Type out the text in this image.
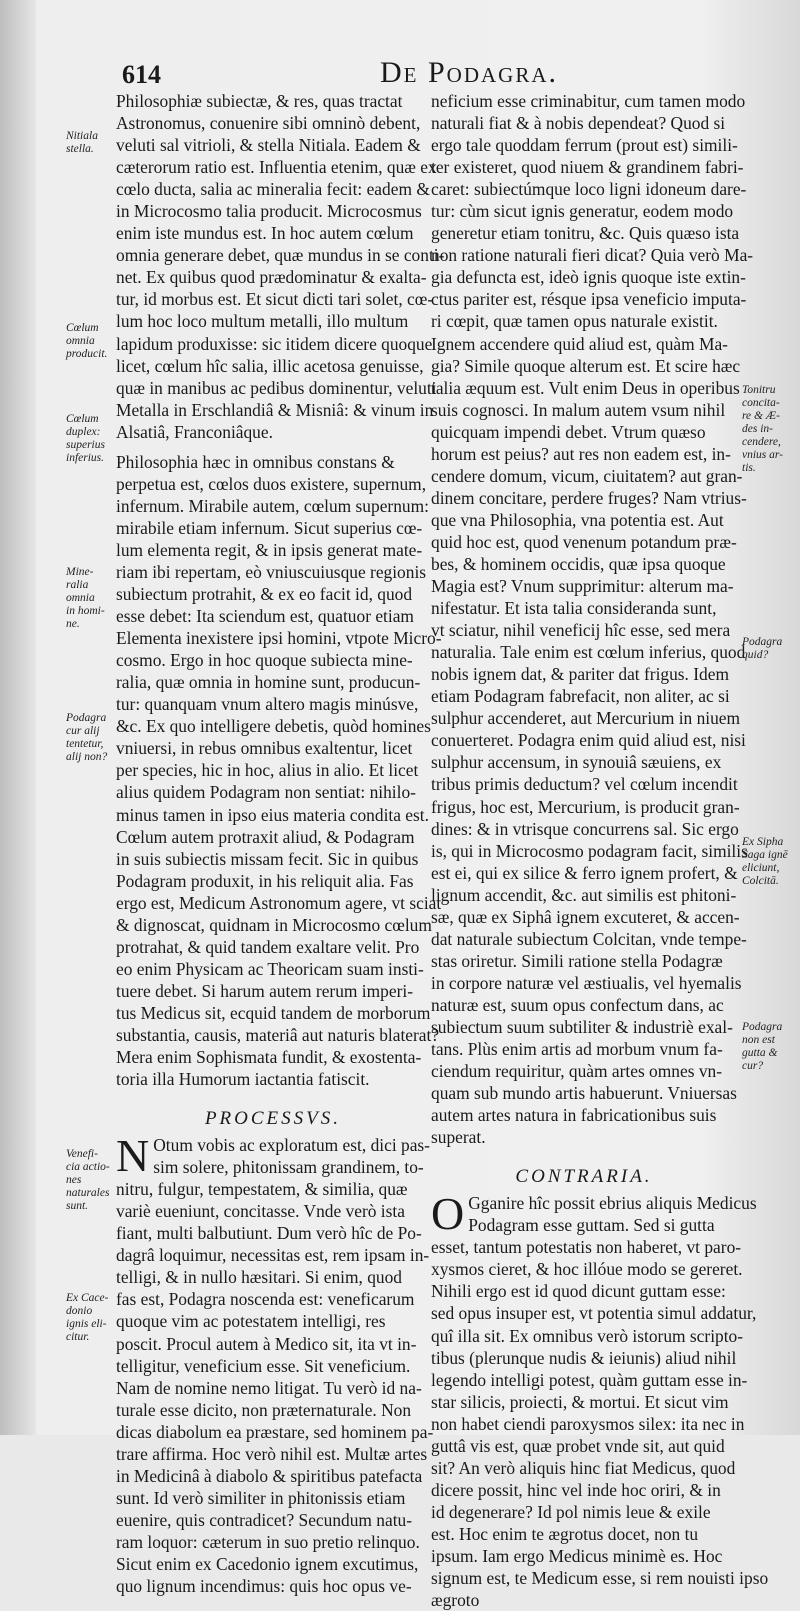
614	De Podagra.
Philosophiæ subiectæ, & res, quas tractat
Astronomus, conuenire sibi omninò debent,
veluti sal vitrioli, & stella Nitiala. Eadem &
cæterorum ratio est. Influentia etenim, quæ ex
cœlo ducta, salia ac mineralia fecit: eadem &
in Microcosmo talia producit. Microcosmus
enim iste mundus est. In hoc autem cœlum
omnia generare debet, quæ mundus in se conti-
net. Ex quibus quod prædominatur & exalta-
tur, id morbus est. Et sicut dicti tari solet, cœ-
lum hoc loco multum metalli, illo multum
lapidum produxisse: sic itidem dicere quoque
licet, cœlum hîc salia, illic acetosa genuisse,
quæ in manibus ac pedibus dominentur, veluti
Metalla in Erschlandiâ & Misniâ: & vinum in
Alsatiâ, Franconiâque.
Philosophia hæc in omnibus constans &
perpetua est, cœlos duos existere, supernum,
infernum. Mirabile autem, cœlum supernum:
mirabile etiam infernum. Sicut superius cœ-
lum elementa regit, & in ipsis generat mate-
riam ibi repertam, eò vniuscuiusque regionis
subiectum protrahit, & ex eo facit id, quod
esse debet: Ita sciendum est, quatuor etiam
Elementa inexistere ipsi homini, vtpote Micro-
cosmo. Ergo in hoc quoque subiecta mine-
ralia, quæ omnia in homine sunt, producun-
tur: quanquam vnum altero magis minúsve,
&c. Ex quo intelligere debetis, quòd homines
vniuersi, in rebus omnibus exaltentur, licet
per species, hic in hoc, alius in alio. Et licet
alius quidem Podagram non sentiat: nihilo-
minus tamen in ipso eius materia condita est.
Cœlum autem protraxit aliud, & Podagram
in suis subiectis missam fecit. Sic in quibus
Podagram produxit, in his reliquit alia. Fas
ergo est, Medicum Astronomum agere, vt sciat
& dignoscat, quidnam in Microcosmo cœlum
protrahat, & quid tandem exaltare velit. Pro
eo enim Physicam ac Theoricam suam insti-
tuere debet. Si harum autem rerum imperi-
tus Medicus sit, ecquid tandem de morborum
substantia, causis, materiâ aut naturis blaterat?
Mera enim Sophismata fundit, & exostenta-
toria illa Humorum iactantia fatiscit.
PROCESSVS.
N Otum vobis ac exploratum est, dici pas-
sim solere, phitonissam grandinem, to-
nitru, fulgur, tempestatem, & similia, quæ
variè eueniunt, concitasse. Vnde verò ista
fiant, multi balbutiunt. Dum verò hîc de Po-
dagrâ loquimur, necessitas est, rem ipsam in-
telligi, & in nullo hæsitari. Si enim, quod
fas est, Podagra noscenda est: veneficarum
quoque vim ac potestatem intelligi, res
poscit. Procul autem à Medico sit, ita vt in-
telligitur, veneficium esse. Sit veneficium.
Nam de nomine nemo litigat. Tu verò id na-
turale esse dicito, non præternaturale. Non
dicas diabolum ea præstare, sed hominem pa-
trare affirma. Hoc verò nihil est. Multæ artes
in Medicinâ à diabolo & spiritibus patefacta
sunt. Id verò similiter in phitonissis etiam
euenire, quis contradicet? Secundum natu-
ram loquor: cæterum in suo pretio relinquo.
Sicut enim ex Cacedonio ignem excutimus,
quo lignum incendimus: quis hoc opus ve-
neficium esse criminabitur, cum tamen modo
naturali fiat & à nobis dependeat? Quod si
ergo tale quoddam ferrum (prout est) simili-
ter existeret, quod niuem & grandinem fabri-
caret: subiectúmque loco ligni idoneum dare-
tur: cùm sicut ignis generatur, eodem modo
generetur etiam tonitru, &c. Quis quæso ista
non ratione naturali fieri dicat? Quia verò Ma-
gia defuncta est, ideò ignis quoque iste extin-
ctus pariter est, résque ipsa veneficio imputa-
ri cœpit, quæ tamen opus naturale existit.
Ignem accendere quid aliud est, quàm Ma-
gia? Simile quoque alterum est. Et scire hæc
talia æquum est. Vult enim Deus in operibus
suis cognosci. In malum autem vsum nihil
quicquam impendi debet. Vtrum quæso
horum est peius? aut res non eadem est, in-
cendere domum, vicum, ciuitatem? aut gran-
dinem concitare, perdere fruges? Nam vtrius-
que vna Philosophia, vna potentia est. Aut
quid hoc est, quod venenum potandum præ-
bes, & hominem occidis, quæ ipsa quoque
Magia est? Vnum supprimitur: alterum ma-
nifestatur. Et ista talia consideranda sunt,
vt sciatur, nihil veneficij hîc esse, sed mera
naturalia. Tale enim est cœlum inferius, quod
nobis ignem dat, & pariter dat frigus. Idem
etiam Podagram fabrefacit, non aliter, ac si
sulphur accenderet, aut Mercurium in niuem
conuerteret. Podagra enim quid aliud est, nisi
sulphur accensum, in synouiâ sæuiens, ex
tribus primis deductum? vel cœlum incendit
frigus, hoc est, Mercurium, is producit gran-
dines: & in vtrisque concurrens sal. Sic ergo
is, qui in Microcosmo podagram facit, similis
est ei, qui ex silice & ferro ignem profert, &
lignum accendit, &c. aut similis est phitoni-
sæ, quæ ex Siphâ ignem excuteret, & accen-
dat naturale subiectum Colcitan, vnde tempe-
stas oriretur. Simili ratione stella Podagræ
in corpore naturæ vel æstiualis, vel hyemalis
naturæ est, suum opus confectum dans, ac
subiectum suum subtiliter & industriè exal-
tans. Plùs enim artis ad morbum vnum fa-
ciendum requiritur, quàm artes omnes vn-
quam sub mundo artis habuerunt. Vniuersas
autem artes natura in fabricationibus suis
superat.
CONTRARIA.
O Gganire hîc possit ebrius aliquis Medicus
Podagram esse guttam. Sed si gutta
esset, tantum potestatis non haberet, vt paro-
xysmos cieret, & hoc illóue modo se gereret.
Nihili ergo est id quod dicunt guttam esse:
sed opus insuper est, vt potentia simul addatur,
quî illa sit. Ex omnibus verò istorum scripto-
tibus (plerunque nudis & ieiunis) aliud nihil
legendo intelligi potest, quàm guttam esse in-
star silicis, proiecti, & mortui. Et sicut vim
non habet ciendi paroxysmos silex: ita nec in
guttâ vis est, quæ probet vnde sit, aut quid
sit? An verò aliquis hinc fiat Medicus, quod
dicere possit, hinc vel inde hoc oriri, & in
id degenerare? Id pol nimis leue & exile
est. Hoc enim te ægrotus docet, non tu
ipsum. Iam ergo Medicus minimè es. Hoc
signum est, te Medicum esse, si rem nouisti ipso
ægroto
Nitiala
stella.
Cœlum
omnia
producit.
Cœlum
duplex:
superius
inferius.
Mine-
ralia
omnia
in homi-
ne.
Podagra
cur alij
tentetur,
alij non?
Venefi-
cia actio-
nes
naturales
sunt.
Ex Cace-
donio
ignis eli-
citur.
Tonitru
concita-
re & Æ-
des in-
cendere,
vnius ar-
tis.
Podagra
quid?
Ex Sipha
Saga ignē
eliciunt,
Colcitā.
Podagra
non est
gutta &
cur?
